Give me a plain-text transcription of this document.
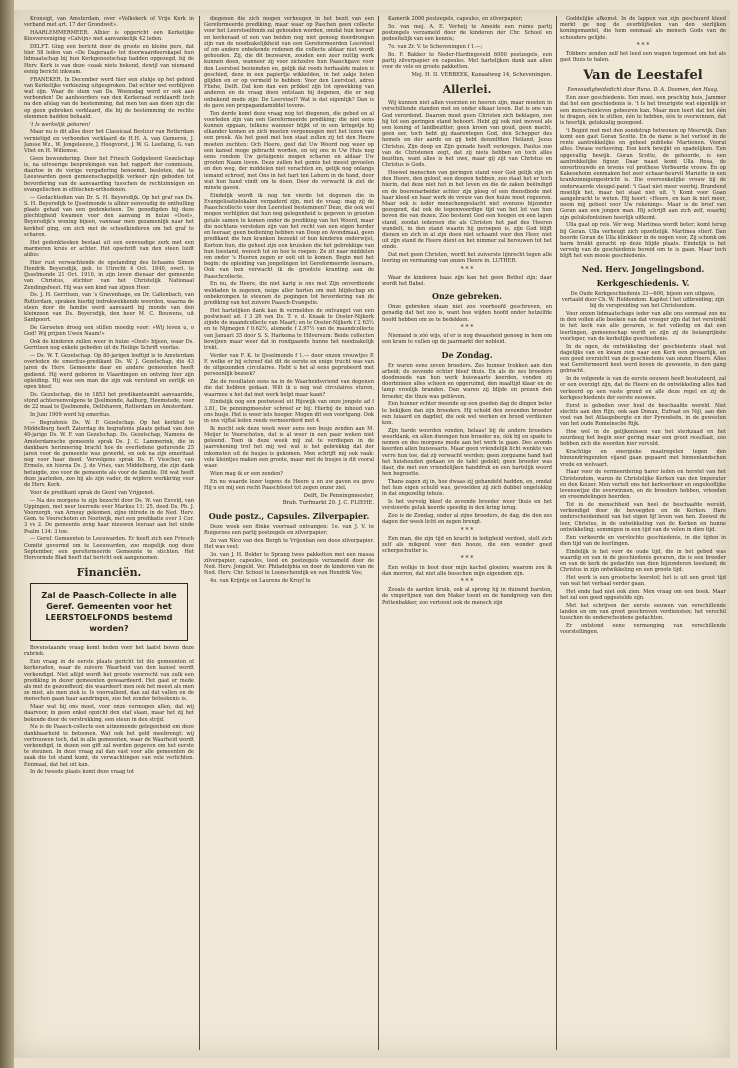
Kronsigt, van Amsterdam, over «Volkskerk of Vrije Kerk in verband met art. 17 der Grondwet».

HAARLEMMERMEER. Alhier is opgericht een Kerkelijke Kiesvereeniging «Calvijn» met aanvankelijk 42 leden.

DELFT. Ging een bericht door de groote en kleine pers, dat hier 58 leden van «De Dageraad» tot doorwaardeerskapel hun lidmaatschap bij hun Kerkgenootschap hadden opgezegd, bij de Herv. Kerk is van deze «zaak niets bekend, dewijl van niemand eenig bericht inkwam.

FRANEKER. In December werd hier een stukje op het gebied van Kerkelijke verkiezing uitgesproken. Dat echter wel verblijven wat zijn. Waar de stem van Ds. Woensdag werd er ook aan verbonden! De aanhoorders van den Kerkeraad verklaardt toch na den afslag van de bestemming, dat men ten aan doen zijn die op geen gebroken verklaard, die bij de bestemming de rechte stemmen hadden behaald.

't Is werkelijk geboren!

Maar nu is dit alles door het Classicaal Bestuur van Rotterdam vernietigd en verbonden verklaard de H.H. A. van Gemeren, J. Jansse Wz., W. Jongeleeuw, J. Hoogvorst, J. W. G. Leefaing, G. van Vliet en H. Willemse.

Geen bewondering. Door het Friesch Godgeleerd Gezelschap is, na uitvoerige besprekingen van het rapport der commissie, daartoe in de vorige vergadering benoemd, besloten, dat te Leeuwarden geen gemeenschappelijk verkeer zijn geboden tot bevordering van de aanvaarding tusschen de rechtzinnigen en evangelischen in ethischen-orthodoxen.

— Gedachtedien van Dr. S. H. Beyersdijk. Op het graf van Ds. S. H. Beyersdijk te IJsselmonde is alhier eenvoudig de onthulling plaats gehad van een gedenksteen. De genodigden bij deze plechtigheid kwamen voor den aanvang in huize «Oost», Beyersdijk's woning bijeen, vanwaar men gezamenlijk naar het kerkhof ging, om zich met de schoolkinderen om het graf te scharen.

Het gedenkteeken bestaat uit een eenvoudige zerk met een marmeren kruis er achter. Het opschrift van den steen luidt aldus:

Hier rust verwachtende de opstanding des lichaams Simon Hendrik Beyersdijk, geb. te Utrecht 4 Oct. 1840, overl. te IJsselmonde 21 Oct. 1910, in zijn leven dienaar der gemeente van Christus, stichter van het Christelijk Nationaal Zendingsfeest. Hij was een kind van zijnen Heer.

Ds. J. H. Gerritsen, van 's Gravenhage, en Dr. Callenbach, van Rotterdam, spraken hierbij indrukwekkende woorden, waarna de steen door de familie werd aanvaard bij monde van den kleinzoon van Ds. Beyersdijk, den heer M. C. Bouwens, uit Santpoort.

De Gereeten droeg een stillen moedig voor: «Wij leven u, o God! Wij prijzen Uwen Naam!»

Ook de kinderen zullen weer in huize «Oost» bijeen, waar Ds. Gerritsen nog enkele gebeden uit de Heilige Schrift voorlas.

— Ds. W. T. Gezelschap. Op 80-jarigen leeftijd is te Amsterdam overleden de emeritus-predikant Ds. W. J. Gezelschap, die 43 jaren de Herv. Gemeente daar en andere gemeenten heeft gediend. Hij werd geboren in Vlaardingen en ontving hier zijn opleiding. Hij was een man die zijn vak verstond en eerlijk en open bleef.

Ds. Gezelschap, die in 1853 het predikantsambt aanvaardde, stond achtereenvolgens te IJselmonde, Aalburg, Heemstede, voor de 22 maal te IJselmonde, Delfshaven, Rotterdam en Amsterdam.

In Juni 1909 werd hij emeritus.

— Begrafenis Ds. W. F. Gezelschap. Op het kerkhof te Middelburg heeft Zaterdag de begrafenis plaats gehad van den 40-jarige Ds. W. F. van Gezelschap. Ds. Gezelschap, Namens de Amsterdamsche gemeente sprak Ds. J. C. Lammerink, die in dankbare herinnering bracht hoe de overledene gedurende 25 jaren voor de gemeente was gewerkt, en ook na zijn emeritaat nog voor haar deed. Vervolgens sprak Ds. F. Visscher, van Ermelo, en hierna Ds. J. de Vries, van Middelburg, die zijn dank betuigde, zoo voor de gemeente als voor de familie. Dit wat heeft deze jaarleden, zoo hij als zijn vader, de wijdere werkkring voor de Herv. Kerk.

Voor de predikant sprak de Gezel van Vrijgenot.

— Na des morgens te zijn bezocht door Ds. W. van Exveld, van Uppingen, met neer leerrede over Markus 11: 25, deed Ds. Ph. J. Voorzorgh, van Arnouy gekomen, zijne intrede in de Ned. Herv. Gem. te Voorschoten en Nootwijk, met een predikatie over 1 Cor. 3 vs 2. De gemeente zong haar nieuwen leeraar aan het einde Psalm 134: 3 toe.

— Geref. Gemeenten te Leeuwarden. Er heeft zich een Friesch Comité gevormd om te Leeuwarden, zoo mogelijk nog deze September, een gereformeerde Gemeente te stichten. Het Hervormde Blad heeft dat bericht ook aangenomen.

Financiën.
Zal de Paasch-Collecte in alle Geref. Gemeenten voor het LEERSTOELFONDS bestemd worden?

Bovenstaande vraag komt heden voor het laatst boven deze rubriek.

Een vraag in de eerste plaats gericht tot die gemeenten of kerkeraden, waar de zuivere Waarheid van den kansel wordt verkondigd. Niet altijd wordt het groote voorrecht van zulk een prediking in dezer gemeenten gewaardeerd. Het gaat er mede als met de gezondheid; die waardeert men ook het meest als men ze mist, als men ziek is. Is voorvallend, dan zal dat vallen en de menschen gaan haar aandringen, zoo het zonder beteekenis is.

Maar wat bij ons moet, voor onze vermogen allen, dat wij daarvoor, in geen enkel opzicht den staf slaan, maar het zij het bekende door de verstrekking, een steun in den strijd.

Nu is de Paasch-collecte een uitnemende gelegenheid om deze dankbaarheid te betoonen. Wat ook het geld meebrengt: wij vertrouwen toch, dat in alle gemeenten, waar de Waarheid wordt verkondigd, in dezen een gift zal worden gegeven om het eerste te steunen. In deze vraag zal dan vast voor alle gemeenten de zaak die tot stand komt, de verwachtingen van vele verlichten. Eenmaal, dat het uit kan.

In de tweede plaats komt deze vraag tot

diegenen die zich mogen verheugen in het bezit van een Gereformeerde prediking, maar waar op Paschen geen collecte voor het Leerstoelfonds zal gehouden worden, omdat hun leeraar en kerkeraad of een van beiden nog niet genoeg doordrongen zijn van de noodzakelijkheid van een Gereformeerden Leerstoel of om andere onbekende redenen die collecte aldaar niet wordt gehouden. Zij, die dit bezwaren, zouden een zeer nuttig werk kunnen doen, wanneer zij voor zichzelve hun Paaschgave voor den Leerstoel bestemden en, gelijk dat reeds herhaalde malen is geschied, deze in een papiertje wikkelden, in het zakje lieten glijden en er op vermeld te hebben: Voor den Leerstoel, adres Fliehe, Delft. Dat kon dan een prikkel zijn tot opwekking van anderen en de vraag doen ontstaan bij degenen, die er nog onbekend mede zijn: De Leerstoel? Wat is dat eigenlijk? Dan is de gave een propagandamiddel tevens.

Ten derde komt deze vraag nog tot diegenen, die gebed en al voorleden zijn van een Gereformeerde prediking; die niet eens kunnen opgaan, telkens wanneer blijkt of in een kringetje bij elkander komen en zich moeten vergenoegen met het lezen van een preek. Als het goed met hen staat zullen zij tot den Heere moeten zuchten: Och Heere, geef dat Uw Woord nog weer op een kansel moge gebracht worden, en wij ons in Uw Huis nog eens rondom Uw getuigenis mogen scharen en aldaar Uw grooten Naam loven. Deze zullen het gemis het meest gevoelen en den weg, der middelen niet verachten en, gelijk nog onlangs iemand schreef, met Ons in het hart ten Lahorn in de hand, door wat hun hand vindt om te doen. Door de verwacht ik ziet de minste gaven.

Eindelijk wordt ik nog ten vierde tot degenen die in Evangelisatielokalen vergaderd zijn, met de vraag: mag zij de Paaschcollecte voor den Leerstoel bestemmen? Deze, die ook wel mogen verblijden dat hun nog gelegenheid is gegeven in grooten getale samen te komen onder de prediking van het Woord, maar die nochtans verstoken zijn van het recht van een eigen herder en leeraar, geen bediening hebben van Doop en Avondmaal, geen predikant die hun kranken bezoekt of hun kinderen onderwijst, Kortom hun, die geheel zijn een kruisken die het gebrekkige van hun toestand, wensch tot en hoe te roepen: Ze zit naar middelen om onder 's Heeren zegen er ooit uit te komen. Begin met het begin: de opleiding van jongelingen tot Gereformeerde leeraars. Ook van hen verwacht ik de grootste kranting aan de Paaschcollecte.

En nu, de Heere, die niet karig is ons met Zijn onverdiende weldaden te zegenen, neige aller harten om met blijdschap en onbekrompen te steunen de pogingen tot bevordering van de prediking van het zuivere Paasch-Evangelie.

Het hartelijken dank kan ik vermelden de ontvangst van een postwissel ad. f 3 26 van Ds. T. v. d. Knaak te Ooster-Nijkerk zijnde de maandcollecte van Maart; en te Ooster-Nijkerk f 2 63½ en te Nijmegen f 0.62½, alsmede f 2.97½ van de maandcollecte van Januari 35 door S. S. Harkema te Hilversum: Beide collecten bewijzen maar weer dat in rondgaande hunne het noodzakelijk trekt.

Verder van F. K. te IJsselmonde f 1.— door onzen vrouwtjes P. F. welke er bij schreef dat dit de eerste en enige trucht was van de uitgezonden circulaires. Hebt u het al eens geprobeerd met persoonlijk bezoek?

Zie de resultaten eens na in de Waarheidsvriend van degenen die dat hebben gedaan. Wilt ik u nog wat circulaires sturen, waarmee u het dat met werk helpt maar kaan?

Eindelijk nog een postwissel uit Rijswijk van onze jongste ad f 3.81, De penningmeester schreef er bij: Hierbij de inhoud van ons busje. Het is weer iets hooger. Mogen dit een voortgang. Ook in ons vijftal leden reeds vermeerderd met 4.

Ik mocht ook deze week weer eens een busje zenden aan M. Meijer te Voorschoten, dat is al weer in een paar weken niet geleend. Toen ik deze week mij zat te verdiepen in de jaarrekening trof het mij wel wat is het gebrekkig dat der inkomsten uit de busjes is gekomen. Men schrijft mij ook vaak: vele kleintjes maken een groote, maar met de busjes is dit vooral waar.

Wien mag ik er een zenden?

En nu waarde lezer tegens de Heere u en uw gaven eu geve Hij u en mij een recht Paaschfeest tot zegen onzer ziel.

Delft, De Penningmeester,

Brab. Turfmarkt 29. J. C. FLIEHE.

Oude postz., Capsules. Zilverpapier.

Deze week een flinke voorraad ontvangen: 1o. van J. V. te Ruigeroes een partij postzegels en zilverpapier;

2o van Nico van den Bergh te Vrijenban een doos zilverpapier. Het was veel;

3o. van J. H. Bolder te Sprang twee pakketten met een massa zilverpapier, capsules, lood en postzegels verzameld door de Ned. Herv. Jongeld. Ver. Philadelphia en door de kinderen van de Ned. Herv. Chr. School te Loonschendijk en van Hendrik Vos;

4o. van Krijntje en Laurens de Kruyf te

Kamerik 2000 postzegels, capsules, en zilverpapier;

5o. van mej. A. E. Verheij te Ameide een ruime partij postzegels verzameld door de kinderen der Chr. School en gedeeltelijk van een kennis;

7o. van Zr. V. te Scheveningen f 1.—;

8o. F. Bakker te Neder-Hardingsveld 6000 postzegels, een partij zilverpapier en capsules. Met hartelijken dank aan allen voor de vele en groote pakketten.

Mej. H. II. VERBEEK, Kanaalweg 14, Scheveningen.

Allerlei.

Wij kunnen niet allen voorzien en heeren zijn, maar moeten in verschillende standen met en onder elkaar leven. Dat is ons van God verordend. Daarom moet geen Christen zich beklagen, zoo hij tot een geringen stand behoort. Hebt gij ook niet moveel als een koning of landbezitter, geen kroon van goud, geen macht, geen eer, toch hebt gij daarentegen God, den Schepper des hemels en der aarde en gij hebt denzelfden Heiland, Jezus Christus, Zijn doop en Zijn genade heeft verkregen. Paulus zoo van de Christenen zegt, dat zij niets hebben en toch alles bezitten, want alles is het uwe, maar gij zijt van Christus en Christus is Gods.

Hoewel menschen van geringen stand voor God gelijk zijn en den Heere, den geloof, een doopen hebben, zoo staat het er toch hierin, dat deze niet het in het leven en die de zaken beëindigd en de boerenarbeider achter zijn ploeg of een dienstbode met haar kleed en haar werk de vrouw van den huize moet regeeren. Maar ook is ieder menschengeslacht niet evenzoo bijzonder gezegend, dat ook de tegenwoordige tijd van het lot van hun boven die van dezen. Zoo bestemt God een hoogen en een lagen stand, zoodat iedereen die als Christen het pad des Heeren wandelt, in den stand waarin hij geroepen is, zijn God blijft dienen en zich in al zijn doen niet schaamt voor den Heer, niet uit zijn stand de Heere dient en het nimmer zal berouwen tot het einde.

Dat met geen Christen, wordt het zuiverste lijnrecht tegen alle leering en vermaning van onzen Heere in. LUTHER.

* * *

Waar de kinderen baas zijn kan het geen Bethel zijn; daar wordt het Babel.

Onze gebreken.

Onze gebreken staan niet zoo voorhoofd geschreven, en genadig dat het zoo is, want hoe wijden hoofd onder hetzelfde hoofd hebben om ze te bedekken.

* * *

Niemand is zóó wijs, of er is nog dwaasheid genoeg in hem om een kram te vullen op de jaarmarkt der nobleid.

De Zondag.

Er waren eens zeven broeders. Zes hunner trokken aan den arbeid; de zevende echter bleef thuis. En als de zes broeders doodmoede van hun werk huiswaarts keerden, vonden zij doorbinnen alles schoon en opgeruimd, den maaltijd klaar en de lamp vroolijk branden. Dan waren zij blijde en prezen den broeder, die thuis was gebleven.

Een hunner echter meende op een goeden dag de dingen beter te bekijken dan zijn broeders. Hij schold den zevenden broeder een luiaard en dagdief, die ook wel werken en brood verdienen kon.

Zijn harde woorden vonden, helaas! bij de andere broeders weerklank, en allen dwongen hun broeder nu, óók bij en spade te nemen en des morgens mede aan het werk te gaan. Des avonds keerden allen huiswaarts. Maar geen vriendelijk licht wenkte van verre hun toe, dat zij verwacht werden; geen zorgzame hand had het huishouden gedaan en de tafel gedekt; geen broeder was daar, die met een vriendelijken handdruk en een hartelijk woord hen begroette.

Thans zagen zij in, hoe dwaas zij gehandeld hadden, en, omdat het hun eigen schuld was, gevoelden zij zich dubbel ongelukkig in dat ongezellig tehuis.

Is het vervolg bleef de zevende broeder weer thuis en het verstoorde geluk keerde spoedig in den kring terug.

Zoo is de Zondag, onder al zijne broeders, de dag, die den zes dagen der week licht en zegen brengt.

* * *

Een man, die zijn tijd en kracht in ledigheid verdoet, stelt zich zelf als mikpunt voor den booze, die een wonder goed scherpschutter is.

* * *

Een wolkje in boot door mijn kachel gloeien; waarom zou ik dan morren, dat niet alle bosschen mijn eigendom zijn.

* * *

Zooals de aarden kruik, ook al sprong hij in duizend barsten, de vingerlijnen van den Maker toont en de handgreep van den Pottenbakker, zoo vertoont ook de mensch zijn

Goddelijke afkomst. In de lappen van zijn geschuurd kleed merkt ge nog de overblijfselen van den sierlijken koningsmantel, die hem eenmaal als mensch Gods van de schouders gelijde.

* * *

Tobbers zenden zelf het leed een wagen tegemoet om het als gast thuis te halen.

Van de Leestafel

Eenvoudigheidsdicht door Runa. D. A. Doomen, den Haag.

Een zeer geschiedenis. Een moei, een prachtig huis, Jammer dat het een geschiedenis is. 't Is het treurigste wat eigenlijk er een menschenleven gebeuren kan. Maar men leert dat het één te dragen, één te stiflen, één te hebben, één te overwinnen, dat is heerlijk, gelukzalig gezegend.

't Begint met met den zondetrap hetwonen op Meerwijk. Dan komt een gast Goran Scotte. En de dame is het verloof in de rente aantrekkelijke en geheel publieke Martienen. Vooral alles. Dwase verlooving. Een kerk bewijkt en spadelijken. Een opgevallig bewijk. Goran Scotte, de gehoorde, is een aantrekkelijke figuur. Daar naast komt Ulla Rosa, de onvertrouwde en tevens vol prothese Verbeurde vrouw. En op Kakesehoim eenmaken het zeer echaar-heurvil Mariette in een krankzinnigengestricht is. Die overvonkelijke vrouw bij de onderwaerde vleugel-pand: 't Gaat niet meer voorbij. Brandend moeilijk het, maar het staat niet uit. 't Komt voor Goan aangebracht te weten. Hij hoort: «Heere, en kan ik niet meer, neem mij geheel voor Uw rekening». Maar is de brief van Goran aan een jongen man. Hij schrijft aan zich zelf, waarbij zijn geluksfonteinen heerlijk uitkomt.

Ulla gaat op reis. Vér weg. Martinea wordt beter; komt terug bij Goran. Ulla verheugt zich opzettelijk. Martinea stierf. Dan hoorde Goran de Ulla klinkkeer in de nogen voor, Zij schonk om harm bruikt geracht op deze blijde plaats. Eindelijk is het vervolg van de geschiedenis bereid om te is gaan. Maar toch blijft het een mooie geschiedenis.

Ned. Herv. Jongelingsbond.
Kerkgeschiedenis. V.

De Oude Kerkgeschiedenis 33—600, bijeen een uitgave, vertaald door Ch. W. Heldendom. Kapitel I het uitbreiding; zijn bij de verspreiding van het Christendom.

Voor onzen lidmaatschaps ieder van alle ons eenmaal zoo nu in den vollen alle boeken van dat vroeger zijn dat het verstrekt in het kerk van alle gevaren, is het volledig en dat een leerlingen, gemeenschap wordt en zijn zij de belangrijkste voorloper, van de kerkelijke geschiedenis.

In de ogen, de ontwikkeling der geschiedenis staat wat dagelijks van en kwam zien naar een Kerk een gevaarlijk, en een goed overzicht van de geschiedenis van onzen Heere. Alles wat Gereformeerd heet werd boven de gewoonte, in den gang gebracht.

In de volgende is van de eerste eeuwen heeft bestudeerd, zal er een overzigt zijn, dat de Heere en de ontwikkeling alles had verkeerd op een vaste grond en alle deze regel en zij de kerkgeschiedenis der eerste eeuwen.

Eerst is gebeden over heel de beschaafde wereld. Niet slechts aan den Rijn, ook aan Donau, Eufraat en Nijl, aan den voet van het Atlasgebergte en der Pyrenëeën, in de gewesten van het oude Romeinsche Rijk.

Hoe wel in de gelijkenissen van het sterkzaad en het zuurdeeg het begin zeer gering maar een groot resultaat, zoo hebben zich die woorden hier vervuld.

Krachtige en energieke maatregelen tegen den binnendringenden vijand gaan gepaard met binnenlandschen vrede en welvaart.

Haar voor de vermeerdering harer leden en herstel van het Christendom, waren de Christelijke Kerken van den Imperator en den Keizer. Men vertelt ons het kerkverkeer en ongelooflijke levenswijze die overwinnen, en de broeders hebben, vrienden en vreemdelingen heerden.

Tot in de menschheid van heel de beschaafde wereld, verkondigd door de bevoegden en de Kerken. Hare onderscheidenheid van het eigen lijf leven van hen. Zoowel de leer, Christus, in de ontwikkeling van de Kerken en hunne ontwikkeling; sommigen in een tijd van de velen in dien tijd.

Een verkeerde en vervlochte geschiedenis, in die tijden in dien tijd van de leerlingen.

Eindelijk is het voor de oude tijd, die in het gebed was waardig en van in de geschiedenis gevaren, die is een breeder en van de kerk de gedachte van dien bijzonderen toestand; de Christus in zijn ontwikkeling en een groote tijd.

Het werk is een grootsche leerstof; het is uit een groot tijd van wat het verhaal verder gaan.

Het ende had niet ook zien. Men vraag om een boek. Maar het zal een goed opgestelde zijn.

Met het schrijven der eerste eeuwen van verschillende landen en om van groot geschreven verdiensten; het verschil tusschen de onderscheidene gedachten.

Er ontstond eene vermenging van verschillende voorstellingen.
